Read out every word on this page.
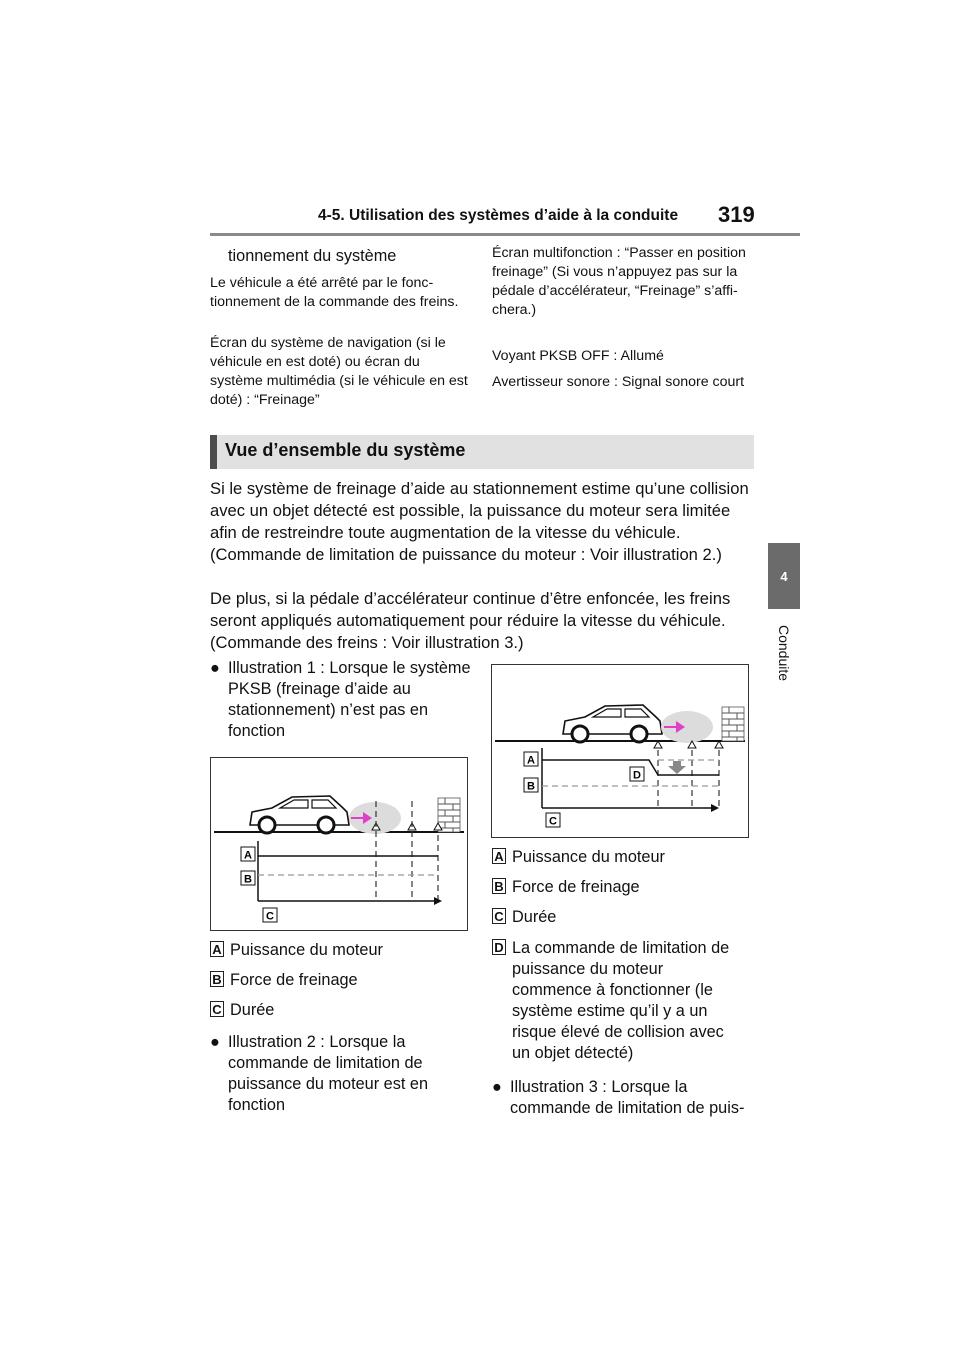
4-5. Utilisation des systèmes d’aide à la conduite 319
4
Conduite
tionnement du système

Le véhicule a été arrêté par le fonc-tionnement de la commande des freins.

Écran du système de navigation (si le véhicule en est doté) ou écran du système multimédia (si le véhicule en est doté) : “Freinage”

Écran multifonction : “Passer en position freinage” (Si vous n’appuyez pas sur la pédale d’accélérateur, “Freinage” s’affi-chera.)

Voyant PKSB OFF : Allumé

Avertisseur sonore : Signal sonore court

Vue d’ensemble du système

Si le système de freinage d’aide au stationnement estime qu’une collision avec un objet détecté est possible, la puissance du moteur sera limitée afin de restreindre toute augmentation de la vitesse du véhicule. (Commande de limitation de puissance du moteur : Voir illustration 2.)

De plus, si la pédale d’accélérateur continue d’être enfoncée, les freins seront appliqués automatiquement pour réduire la vitesse du véhicule. (Commande des freins : Voir illustration 3.)

● Illustration 1 : Lorsque le système PKSB (freinage d’aide au stationnement) n’est pas en fonction
A
B
C
A Puissance du moteur
B Force de freinage
C Durée
● Illustration 2 : Lorsque la commande de limitation de puissance du moteur est en fonction
A
B
C
D
A Puissance du moteur
B Force de freinage
C Durée
D La commande de limitation de puissance du moteur commence à fonctionner (le système estime qu’il y a un risque élevé de collision avec un objet détecté)
● Illustration 3 : Lorsque la commande de limitation de puis-
